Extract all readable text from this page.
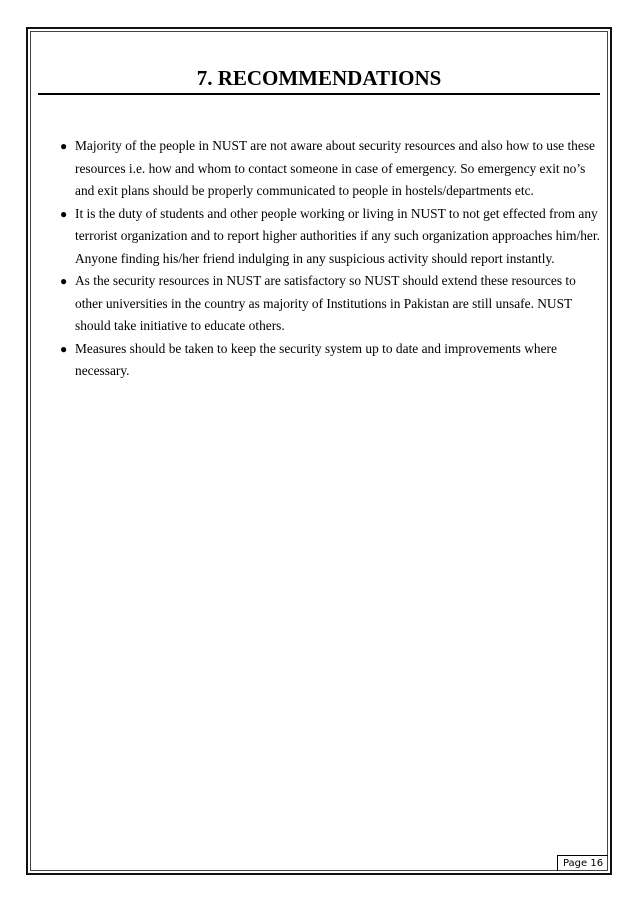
7. RECOMMENDATIONS
● Majority of the people in NUST are not aware about security resources and also how to use these resources i.e. how and whom to contact someone in case of emergency. So emergency exit no’s and exit plans should be properly communicated to people in hostels/departments etc.
● It is the duty of students and other people working or living in NUST to not get effected from any terrorist organization and to report higher authorities if any such organization approaches him/her. Anyone finding his/her friend indulging in any suspicious activity should report instantly.
● As the security resources in NUST are satisfactory so NUST should extend these resources to other universities in the country as majority of Institutions in Pakistan are still unsafe. NUST should take initiative to educate others.
● Measures should be taken to keep the security system up to date and improvements where necessary.
Page 16
